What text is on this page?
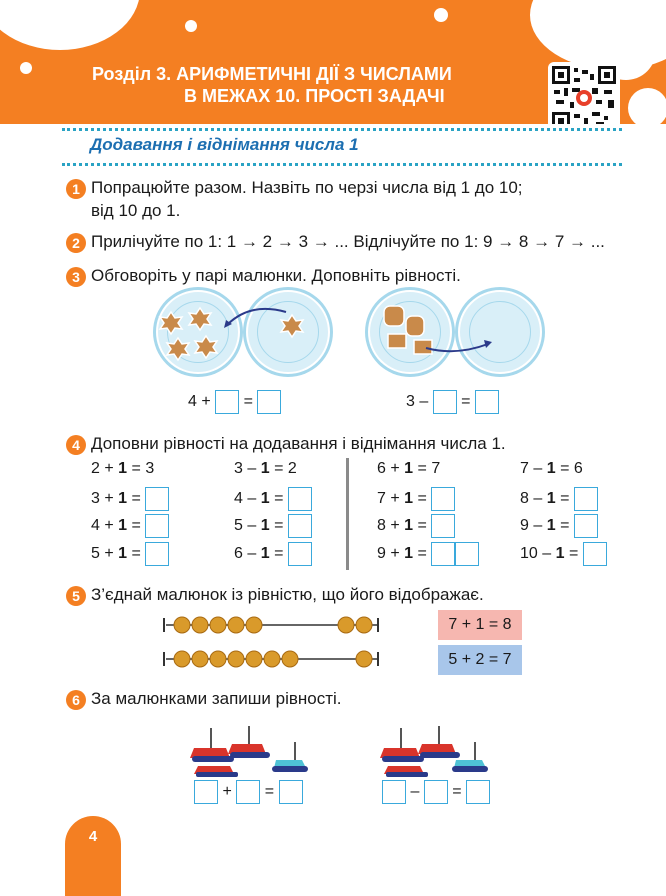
Розділ 3. АРИФМЕТИЧНІ ДІЇ З ЧИСЛАМИ
В МЕЖАХ 10. ПРОСТІ ЗАДАЧІ
Додавання і віднімання числа 1
1 Попрацюйте разом. Назвіть по черзі числа від 1 до 10;
від 10 до 1.
2 Прилічуйте по 1: 1 → 2 → 3 → ... Відлічуйте по 1: 9 → 8 → 7 → ...
3 Обговоріть у парі малюнки. Доповніть рівності.
4 + =	3 – =
4 Доповни рівності на додавання і віднімання числа 1.
2 + 1 = 3
3 + 1 =
4 + 1 =
5 + 1 =
3 – 1 = 2
4 – 1 =
5 – 1 =
6 – 1 =
6 + 1 = 7
7 + 1 =
8 + 1 =
9 + 1 =
7 – 1 = 6
8 – 1 =
9 – 1 =
10 – 1 =
5 З’єднай малюнок із рівністю, що його відображає.
7 + 1 = 8
5 + 2 = 7
6 За малюнками запиши рівності.
+ =	– =
4
